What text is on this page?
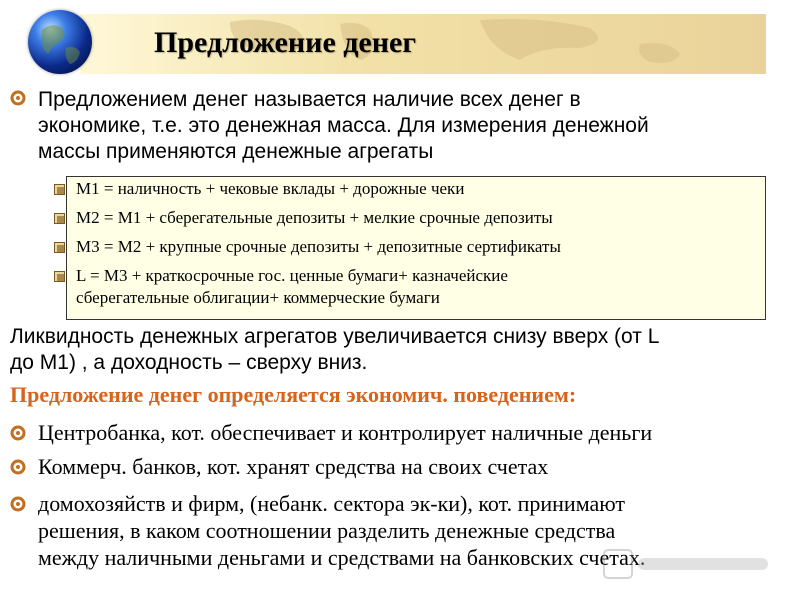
Предложение денег
Предложением денег называется наличие всех денег в
экономике, т.е. это денежная масса. Для измерения денежной
массы применяются денежные агрегаты
М1 = наличность + чековые вклады + дорожные чеки
М2 = М1 + сберегательные депозиты + мелкие срочные депозиты
М3 = М2 + крупные срочные депозиты + депозитные сертификаты
L = М3 + краткосрочные гос. ценные бумаги+ казначейские
сберегательные облигации+ коммерческие бумаги
Ликвидность денежных агрегатов увеличивается снизу вверх (от L
до М1) , а доходность – сверху вниз.
Предложение денег определяется экономич. поведением:
Центробанка, кот. обеспечивает и контролирует наличные деньги
Коммерч. банков, кот. хранят средства на своих счетах
домохозяйств и фирм, (небанк. сектора эк-ки), кот. принимают
решения, в каком соотношении разделить денежные средства
между наличными деньгами и средствами на банковских счетах.
